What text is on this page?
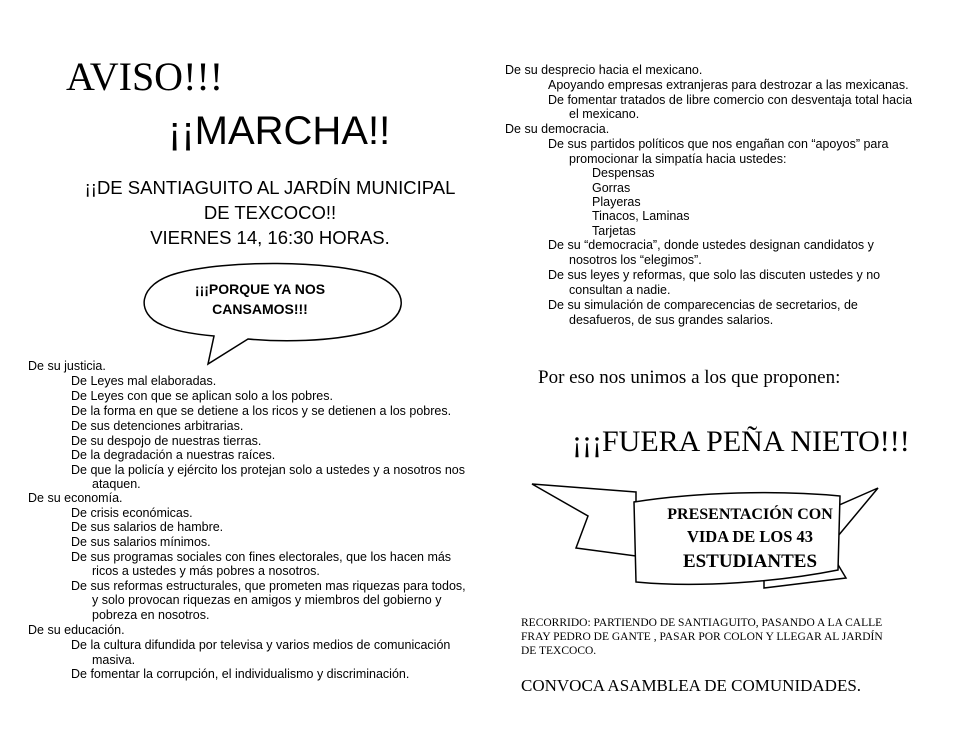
AVISO!!!
¡¡MARCHA!!
¡¡DE SANTIAGUITO AL JARDÍN MUNICIPAL
DE TEXCOCO!!
VIERNES 14, 16:30 HORAS.
¡¡¡PORQUE YA NOS
CANSAMOS!!!
De su justicia.
De Leyes mal elaboradas.
De Leyes con que se aplican solo a los pobres.
De la forma en que se detiene a los ricos y se detienen a los pobres.
De sus detenciones arbitrarias.
De su despojo de nuestras tierras.
De la degradación a nuestras raíces.
De que la policía y ejército los protejan solo a ustedes y a nosotros nos
ataquen.
De su economía.
De crisis económicas.
De sus salarios de hambre.
De sus salarios mínimos.
De sus programas sociales con fines electorales, que los hacen más
ricos a ustedes y más pobres a nosotros.
De sus reformas estructurales, que prometen mas riquezas para todos,
y solo provocan riquezas en amigos y miembros del gobierno y
pobreza en nosotros.
De su educación.
De la cultura difundida por televisa y varios medios de comunicación
masiva.
De fomentar la corrupción, el individualismo y discriminación.
De su desprecio hacia el mexicano.
Apoyando empresas extranjeras para destrozar a las mexicanas.
De fomentar tratados de libre comercio con desventaja total hacia
el mexicano.
De su democracia.
De sus partidos políticos que nos engañan con “apoyos” para
promocionar la simpatía hacia ustedes:
Despensas
Gorras
Playeras
Tinacos, Laminas
Tarjetas
De su “democracia”, donde ustedes designan candidatos y
nosotros los “elegimos”.
De sus leyes y reformas, que solo las discuten ustedes y no
consultan a nadie.
De su simulación de comparecencias de secretarios, de
desafueros, de sus grandes salarios.
Por eso nos unimos a los que proponen:
¡¡¡FUERA PEÑA NIETO!!!
PRESENTACIÓN CON
VIDA DE LOS 43
ESTUDIANTES
RECORRIDO: PARTIENDO DE SANTIAGUITO, PASANDO A LA CALLE
FRAY PEDRO DE GANTE , PASAR POR COLON Y LLEGAR AL JARDÍN
DE TEXCOCO.
CONVOCA ASAMBLEA DE COMUNIDADES.
